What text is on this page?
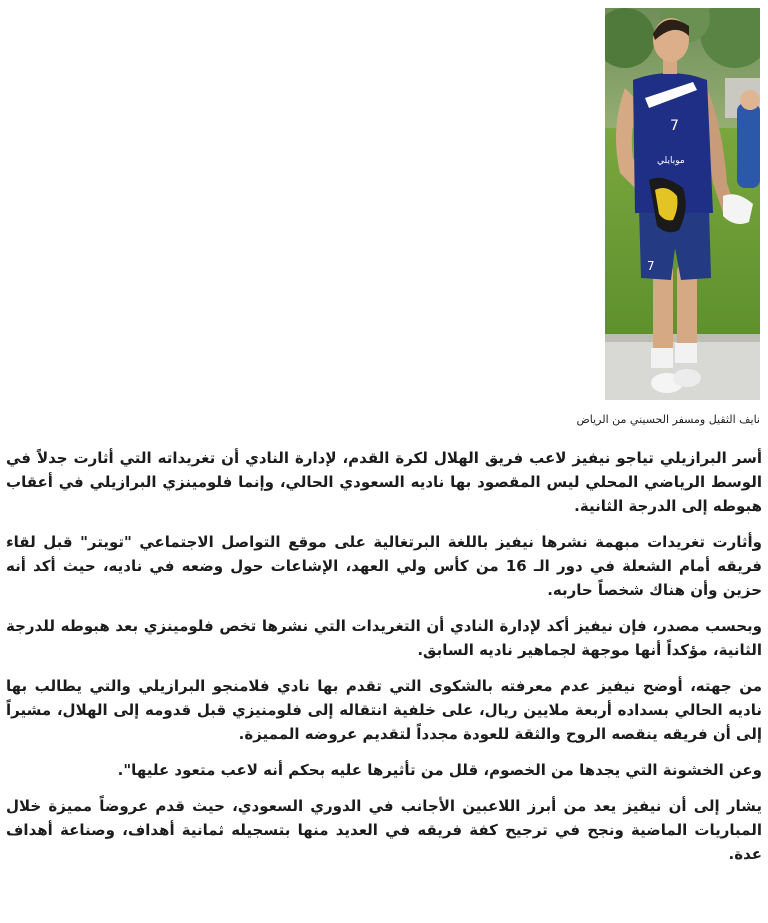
7
7
موبايلي
نايف الثقيل ومسفر الحسيني من الرياض

أسر البرازيلي تياجو نيفيز لاعب فريق الهلال لكرة القدم، لإدارة النادي أن تغريداته التي أثارت جدلاً في الوسط الرياضي المحلي ليس المقصود بها ناديه السعودي الحالي، وإنما فلومينزي البرازيلي في أعقاب هبوطه إلى الدرجة الثانية.

وأثارت تغريدات مبهمة نشرها نيفيز باللغة البرتغالية على موقع التواصل الاجتماعي "تويتر" قبل لقاء فريقه أمام الشعلة في دور الـ 16 من كأس ولي العهد، الإشاعات حول وضعه في ناديه، حيث أكد أنه حزين وأن هناك شخصاً حاربه.

وبحسب مصدر، فإن نيفيز أكد لإدارة النادي أن التغريدات التي نشرها تخص فلومينزي بعد هبوطه للدرجة الثانية، مؤكداً أنها موجهة لجماهير ناديه السابق.

من جهته، أوضح نيفيز عدم معرفته بالشكوى التي تقدم بها نادي فلامنجو البرازيلي والتي يطالب بها ناديه الحالي بسداده أربعة ملايين ريال، على خلفية انتقاله إلى فلومنيزي قبل قدومه إلى الهلال، مشيراً إلى أن فريقه ينقصه الروح والثقة للعودة مجدداً لتقديم عروضه المميزة.

وعن الخشونة التي يجدها من الخصوم، قلل من تأثيرها عليه بحكم أنه لاعب متعود عليها".

يشار إلى أن نيفيز يعد من أبرز اللاعبين الأجانب في الدوري السعودي، حيث قدم عروضاً مميزة خلال المباريات الماضية ونجح في ترجيح كفة فريقه في العديد منها بتسجيله ثمانية أهداف، وصناعة أهداف عدة.
